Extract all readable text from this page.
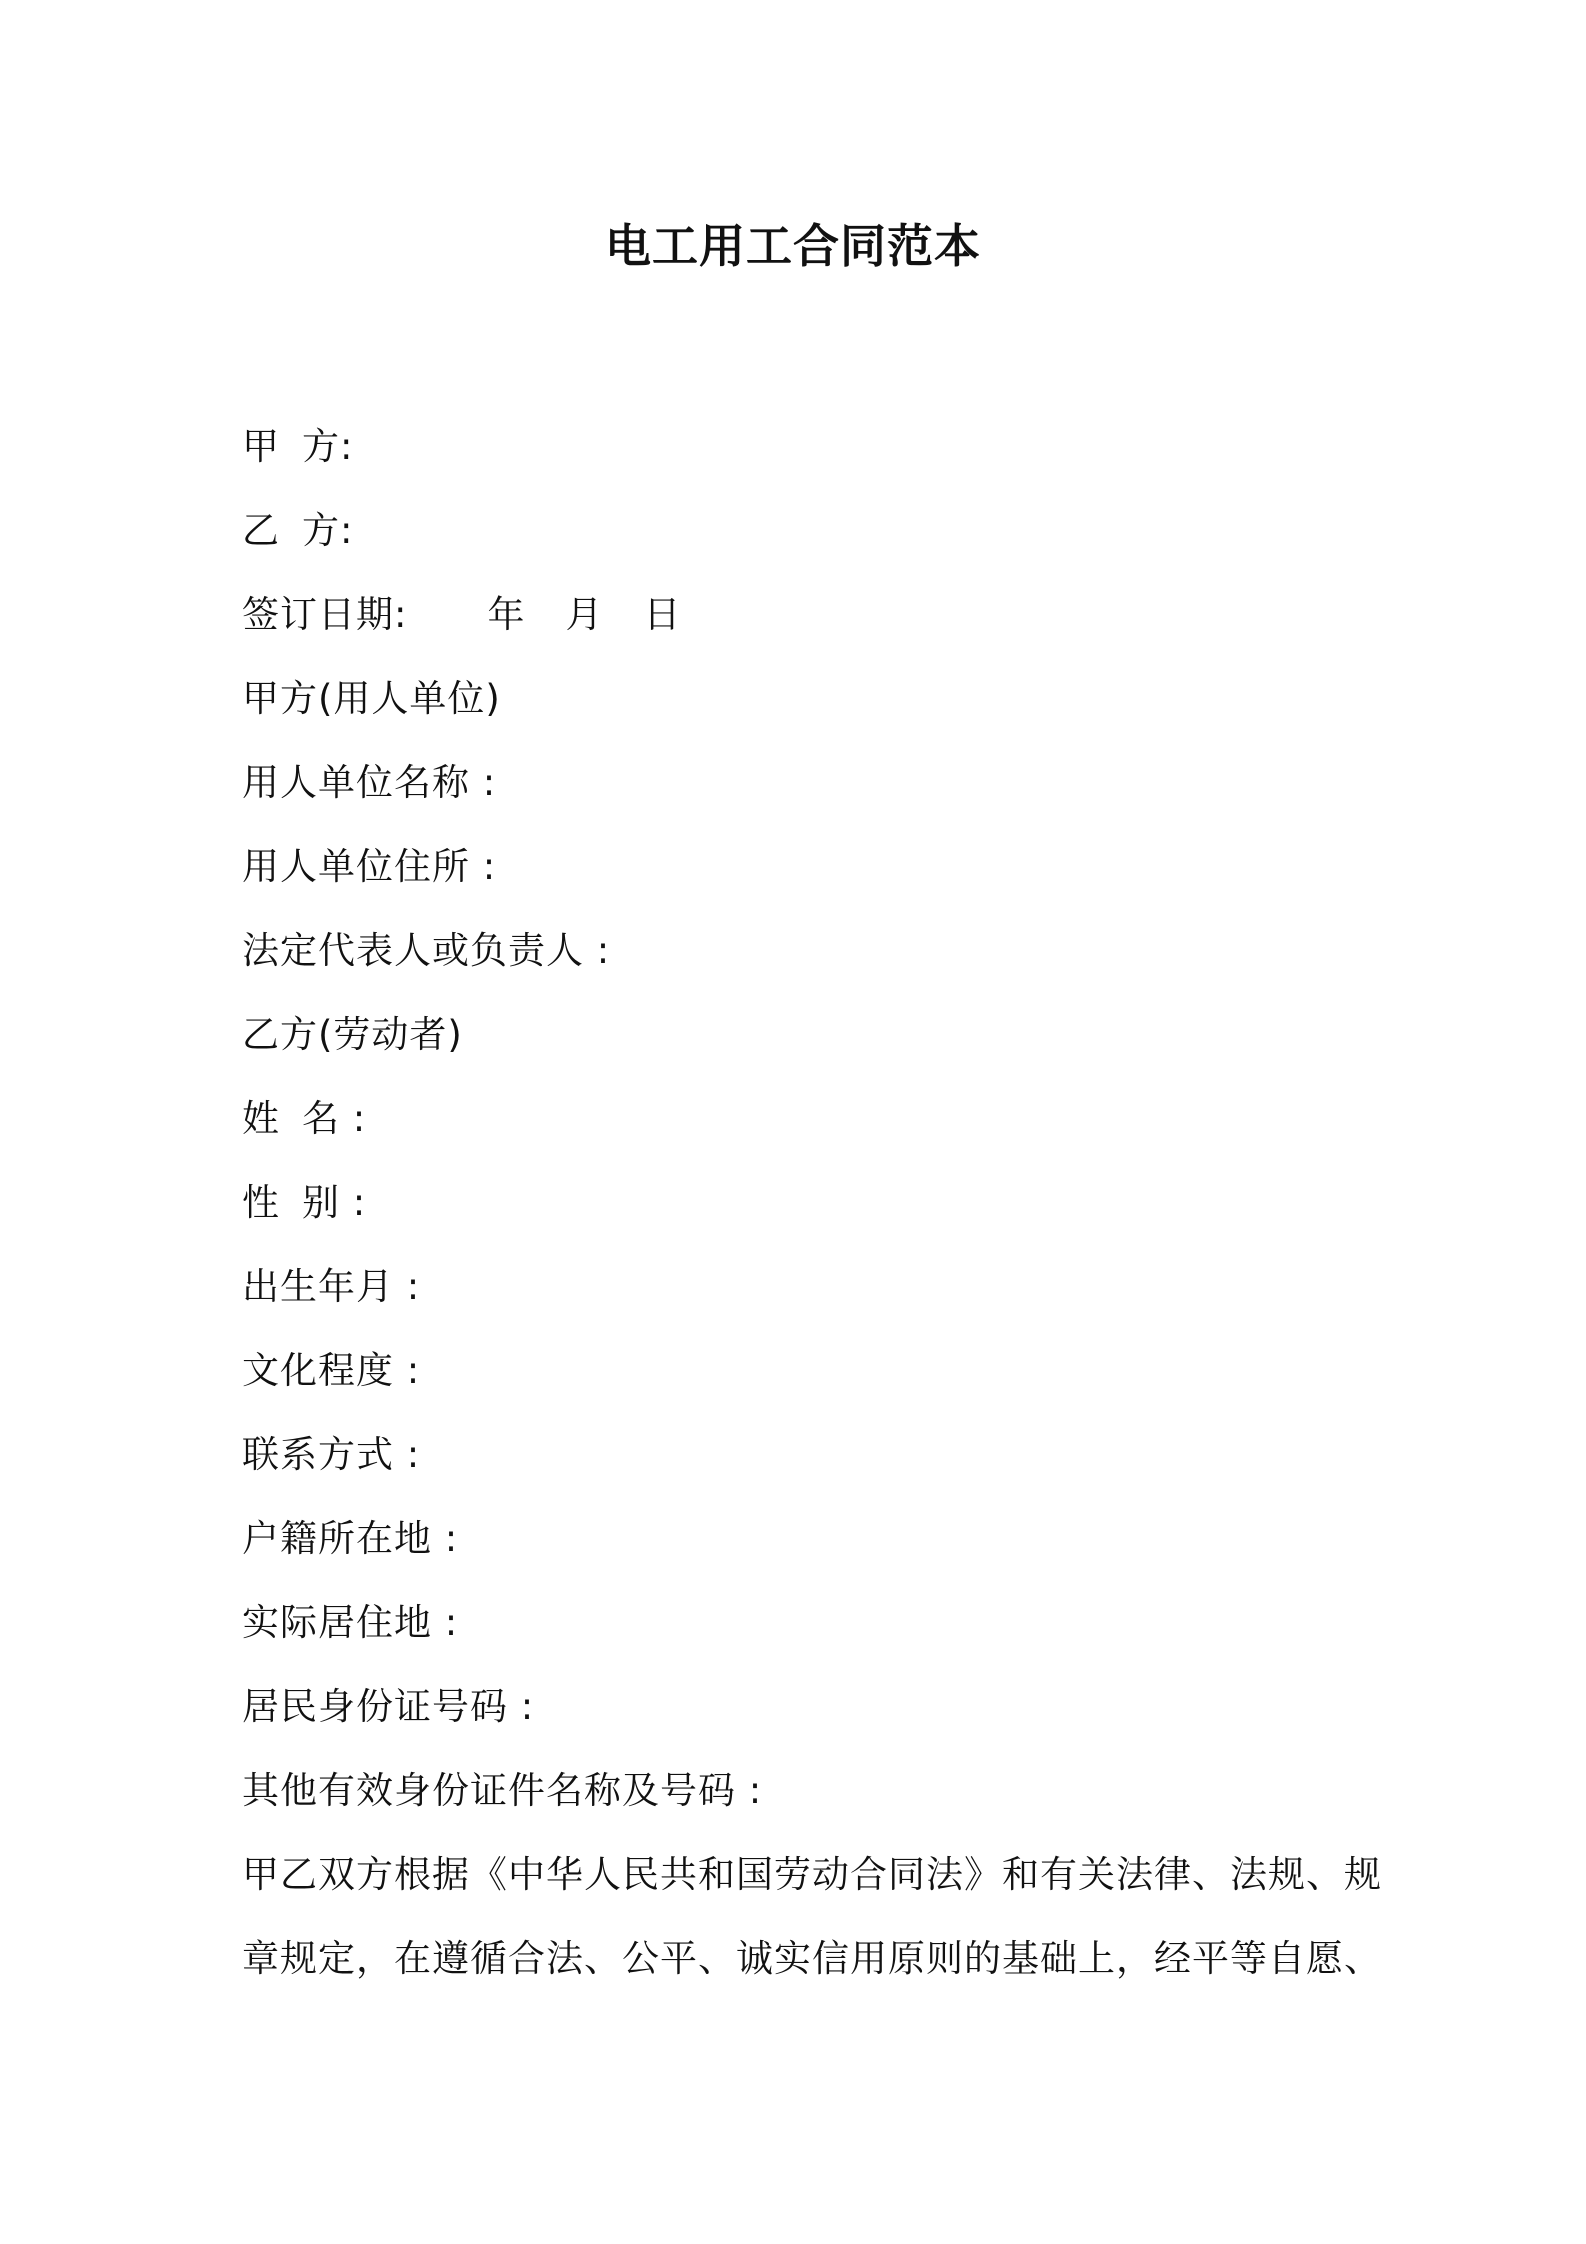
电工用工合同范本
甲 方:
乙 方:
签订日期: 年 月 日
甲方(用人单位)
用人单位名称 :
用人单位住所 :
法定代表人或负责人 :
乙方(劳动者)
姓 名 :
性 别 :
出生年月 :
文化程度 :
联系方式 :
户籍所在地 :
实际居住地 :
居民身份证号码 :
其他有效身份证件名称及号码 :
甲乙双方根据《中华人民共和国劳动合同法》和有关法律、法规、规
章规定，在遵循合法、公平、诚实信用原则的基础上，经平等自愿、
